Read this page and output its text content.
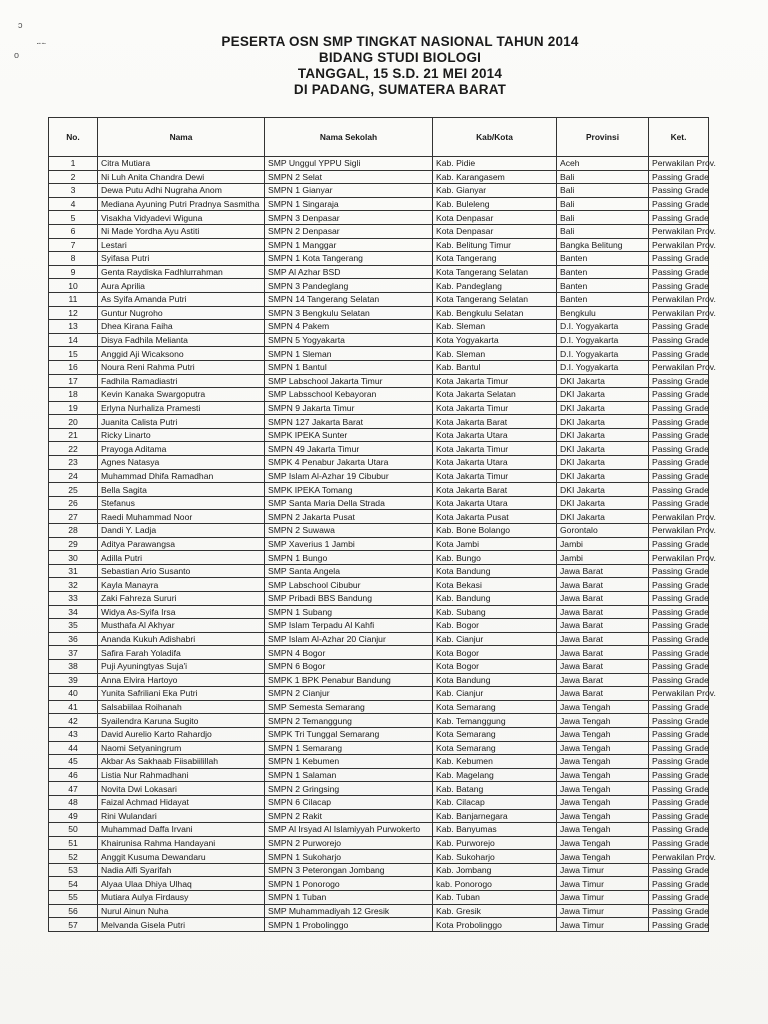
ↄ
·- -·
o
PESERTA OSN SMP TINGKAT NASIONAL TAHUN 2014
BIDANG STUDI BIOLOGI
TANGGAL, 15 S.D. 21 MEI 2014
DI PADANG, SUMATERA BARAT
No.	Nama	Nama Sekolah	Kab/Kota	Provinsi	Ket.
1	Citra Mutiara	SMP Unggul YPPU Sigli	Kab. Pidie	Aceh	Perwakilan Prov.
2	Ni Luh Anita Chandra Dewi	SMPN 2 Selat	Kab. Karangasem	Bali	Passing Grade
3	Dewa Putu Adhi Nugraha Anom	SMPN 1 Gianyar	Kab. Gianyar	Bali	Passing Grade
4	Mediana Ayuning Putri Pradnya Sasmitha	SMPN 1 Singaraja	Kab. Buleleng	Bali	Passing Grade
5	Visakha Vidyadevi Wiguna	SMPN 3 Denpasar	Kota Denpasar	Bali	Passing Grade
6	Ni Made Yordha Ayu Astiti	SMPN 2 Denpasar	Kota Denpasar	Bali	Perwakilan Prov.
7	Lestari	SMPN 1 Manggar	Kab. Belitung Timur	Bangka Belitung	Perwakilan Prov.
8	Syifasa Putri	SMPN 1 Kota Tangerang	Kota Tangerang	Banten	Passing Grade
9	Genta Raydiska Fadhlurrahman	SMP Al Azhar BSD	Kota Tangerang Selatan	Banten	Passing Grade
10	Aura Aprilia	SMPN 3 Pandeglang	Kab. Pandeglang	Banten	Passing Grade
11	As Syifa Amanda Putri	SMPN 14 Tangerang Selatan	Kota Tangerang Selatan	Banten	Perwakilan Prov.
12	Guntur Nugroho	SMPN 3 Bengkulu Selatan	Kab. Bengkulu Selatan	Bengkulu	Perwakilan Prov.
13	Dhea Kirana Faiha	SMPN 4 Pakem	Kab. Sleman	D.I. Yogyakarta	Passing Grade
14	Disya Fadhila Melianta	SMPN 5 Yogyakarta	Kota Yogyakarta	D.I. Yogyakarta	Passing Grade
15	Anggid Aji Wicaksono	SMPN 1 Sleman	Kab. Sleman	D.I. Yogyakarta	Passing Grade
16	Noura Reni Rahma Putri	SMPN 1 Bantul	Kab. Bantul	D.I. Yogyakarta	Perwakilan Prov.
17	Fadhila Ramadiastri	SMP Labschool Jakarta Timur	Kota Jakarta Timur	DKI Jakarta	Passing Grade
18	Kevin Kanaka Swargoputra	SMP Labsschool Kebayoran	Kota Jakarta Selatan	DKI Jakarta	Passing Grade
19	Erlyna Nurhaliza Pramesti	SMPN 9 Jakarta Timur	Kota Jakarta Timur	DKI Jakarta	Passing Grade
20	Juanita Calista Putri	SMPN 127 Jakarta Barat	Kota Jakarta Barat	DKI Jakarta	Passing Grade
21	Ricky Linarto	SMPK IPEKA Sunter	Kota Jakarta Utara	DKI Jakarta	Passing Grade
22	Prayoga Aditama	SMPN 49 Jakarta Timur	Kota Jakarta Timur	DKI Jakarta	Passing Grade
23	Agnes Natasya	SMPK 4 Penabur Jakarta Utara	Kota Jakarta Utara	DKI Jakarta	Passing Grade
24	Muhammad Dhifa Ramadhan	SMP Islam Al-Azhar 19 Cibubur	Kota Jakarta Timur	DKI Jakarta	Passing Grade
25	Bella Sagita	SMPK IPEKA Tomang	Kota Jakarta Barat	DKI Jakarta	Passing Grade
26	Stefanus	SMP Santa Maria Della Strada	Kota Jakarta Utara	DKI Jakarta	Passing Grade
27	Raedi Muhammad Noor	SMPN 2 Jakarta Pusat	Kota Jakarta Pusat	DKI Jakarta	Perwakilan Prov.
28	Dandi Y. Ladja	SMPN 2 Suwawa	Kab. Bone Bolango	Gorontalo	Perwakilan Prov.
29	Aditya Parawangsa	SMP Xaverius 1 Jambi	Kota Jambi	Jambi	Passing Grade
30	Adilla Putri	SMPN 1 Bungo	Kab. Bungo	Jambi	Perwakilan Prov.
31	Sebastian Ario Susanto	SMP Santa Angela	Kota Bandung	Jawa Barat	Passing Grade
32	Kayla Manayra	SMP Labschool Cibubur	Kota Bekasi	Jawa Barat	Passing Grade
33	Zaki Fahreza Sururi	SMP Pribadi BBS Bandung	Kab. Bandung	Jawa Barat	Passing Grade
34	Widya As-Syifa Irsa	SMPN 1 Subang	Kab. Subang	Jawa Barat	Passing Grade
35	Musthafa Al Akhyar	SMP Islam Terpadu Al Kahfi	Kab. Bogor	Jawa Barat	Passing Grade
36	Ananda Kukuh Adishabri	SMP Islam Al-Azhar 20 Cianjur	Kab. Cianjur	Jawa Barat	Passing Grade
37	Safira Farah Yoladifa	SMPN 4 Bogor	Kota Bogor	Jawa Barat	Passing Grade
38	Puji Ayuningtyas Suja'i	SMPN 6 Bogor	Kota Bogor	Jawa Barat	Passing Grade
39	Anna Elvira Hartoyo	SMPK 1 BPK Penabur Bandung	Kota Bandung	Jawa Barat	Passing Grade
40	Yunita Safriliani Eka Putri	SMPN 2 Cianjur	Kab. Cianjur	Jawa Barat	Perwakilan Prov.
41	Salsabiilaa Roihanah	SMP Semesta Semarang	Kota Semarang	Jawa Tengah	Passing Grade
42	Syailendra Karuna Sugito	SMPN 2 Temanggung	Kab. Temanggung	Jawa Tengah	Passing Grade
43	David Aurelio Karto Rahardjo	SMPK Tri Tunggal Semarang	Kota Semarang	Jawa Tengah	Passing Grade
44	Naomi Setyaningrum	SMPN 1 Semarang	Kota Semarang	Jawa Tengah	Passing Grade
45	Akbar As Sakhaab Fiisabiilillah	SMPN 1 Kebumen	Kab. Kebumen	Jawa Tengah	Passing Grade
46	Listia Nur Rahmadhani	SMPN 1 Salaman	Kab. Magelang	Jawa Tengah	Passing Grade
47	Novita Dwi Lokasari	SMPN 2 Gringsing	Kab. Batang	Jawa Tengah	Passing Grade
48	Faizal Achmad Hidayat	SMPN 6 Cilacap	Kab. Cilacap	Jawa Tengah	Passing Grade
49	Rini Wulandari	SMPN 2 Rakit	Kab. Banjarnegara	Jawa Tengah	Passing Grade
50	Muhammad Daffa Irvani	SMP Al Irsyad Al Islamiyyah Purwokerto	Kab. Banyumas	Jawa Tengah	Passing Grade
51	Khairunisa Rahma Handayani	SMPN 2 Purworejo	Kab. Purworejo	Jawa Tengah	Passing Grade
52	Anggit Kusuma Dewandaru	SMPN 1 Sukoharjo	Kab. Sukoharjo	Jawa Tengah	Perwakilan Prov.
53	Nadia Alfi Syarifah	SMPN 3 Peterongan Jombang	Kab. Jombang	Jawa Timur	Passing Grade
54	Alyaa Ulaa Dhiya Ulhaq	SMPN 1 Ponorogo	kab. Ponorogo	Jawa Timur	Passing Grade
55	Mutiara Aulya Firdausy	SMPN 1 Tuban	Kab. Tuban	Jawa Timur	Passing Grade
56	Nurul Ainun Nuha	SMP Muhammadiyah 12 Gresik	Kab. Gresik	Jawa Timur	Passing Grade
57	Melvanda Gisela Putri	SMPN 1 Probolinggo	Kota Probolinggo	Jawa Timur	Passing Grade
